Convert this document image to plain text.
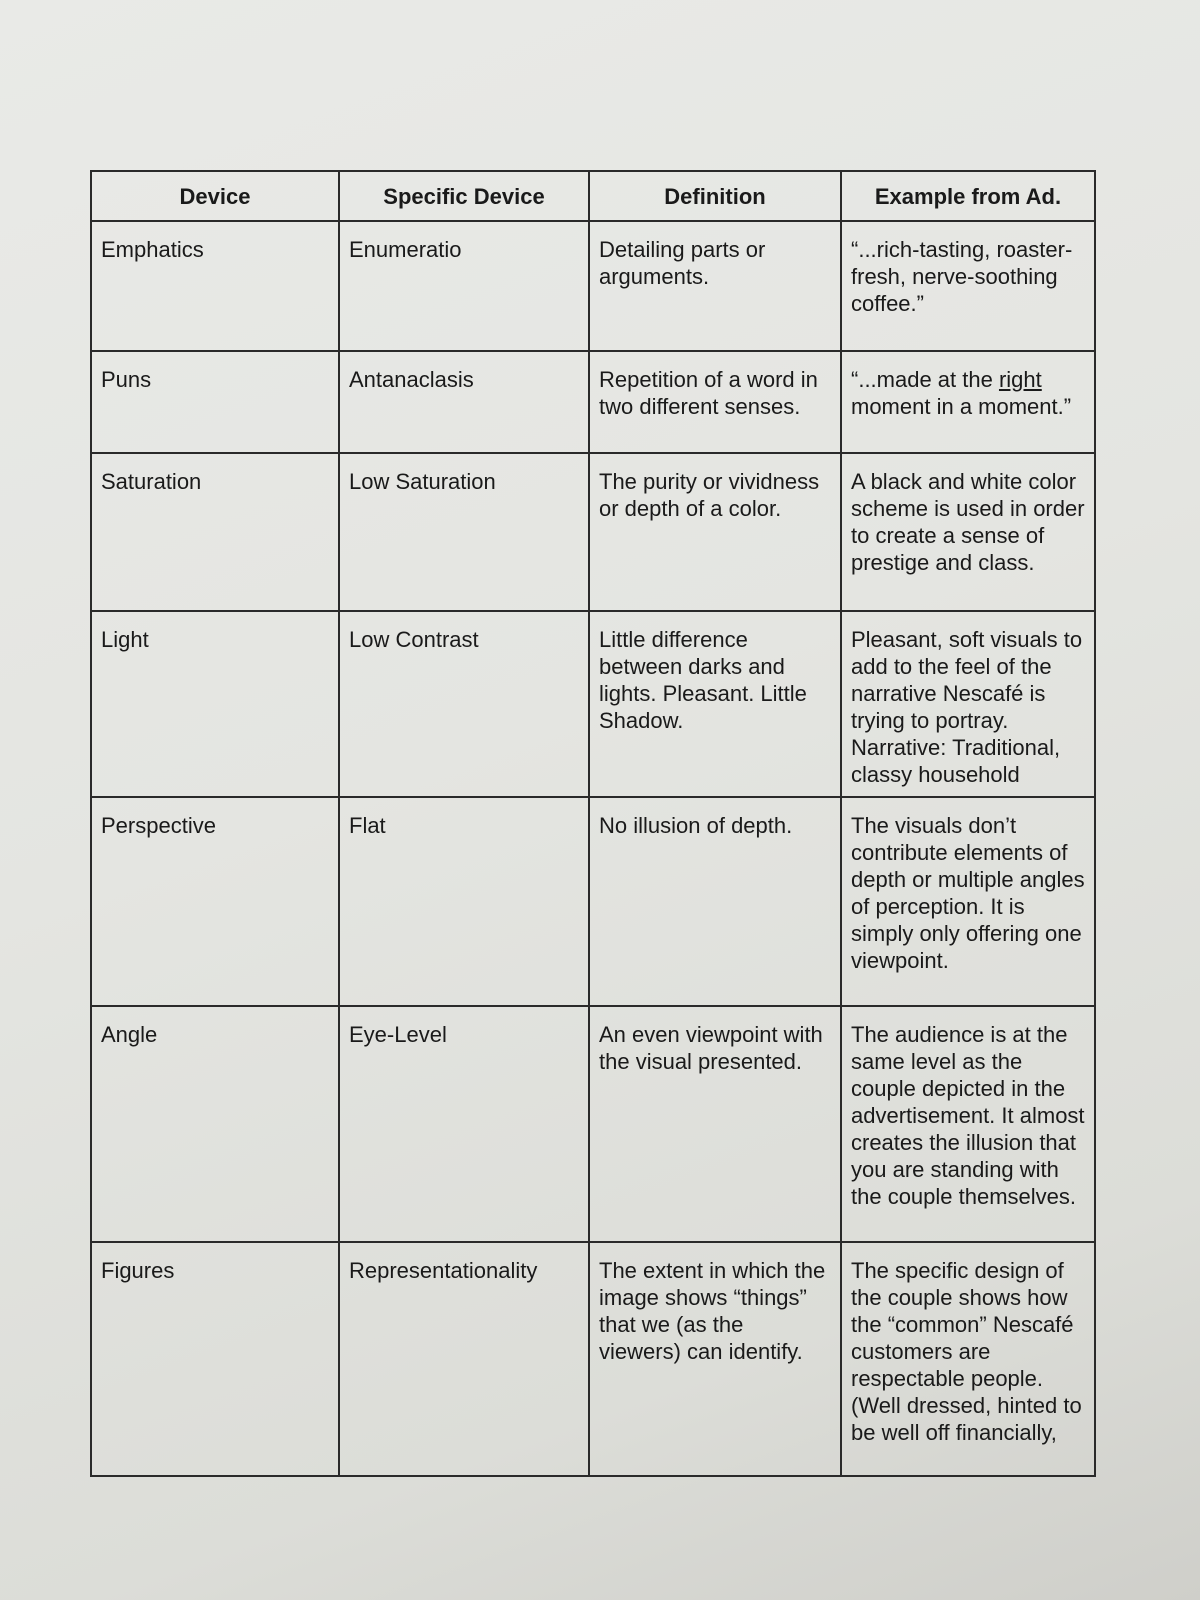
Device	Specific Device	Definition	Example from Ad.
Emphatics	Enumeratio	Detailing parts or arguments.	“...rich-tasting, roaster-fresh, nerve-soothing coffee.”
Puns	Antanaclasis	Repetition of a word in two different senses.	“...made at the right moment in a moment.”
Saturation	Low Saturation	The purity or vividness or depth of a color.	A black and white color scheme is used in order to create a sense of prestige and class.
Light	Low Contrast	Little difference between darks and lights. Pleasant. Little Shadow.	Pleasant, soft visuals to add to the feel of the narrative Nescafé is trying to portray. Narrative: Traditional, classy household
Perspective	Flat	No illusion of depth.	The visuals don’t contribute elements of depth or multiple angles of perception. It is simply only offering one viewpoint.
Angle	Eye-Level	An even viewpoint with the visual presented.	The audience is at the same level as the couple depicted in the advertisement. It almost creates the illusion that you are standing with the couple themselves.
Figures	Representationality	The extent in which the image shows “things” that we (as the viewers) can identify.	The specific design of the couple shows how the “common” Nescafé customers are respectable people. (Well dressed, hinted to be well off financially,
